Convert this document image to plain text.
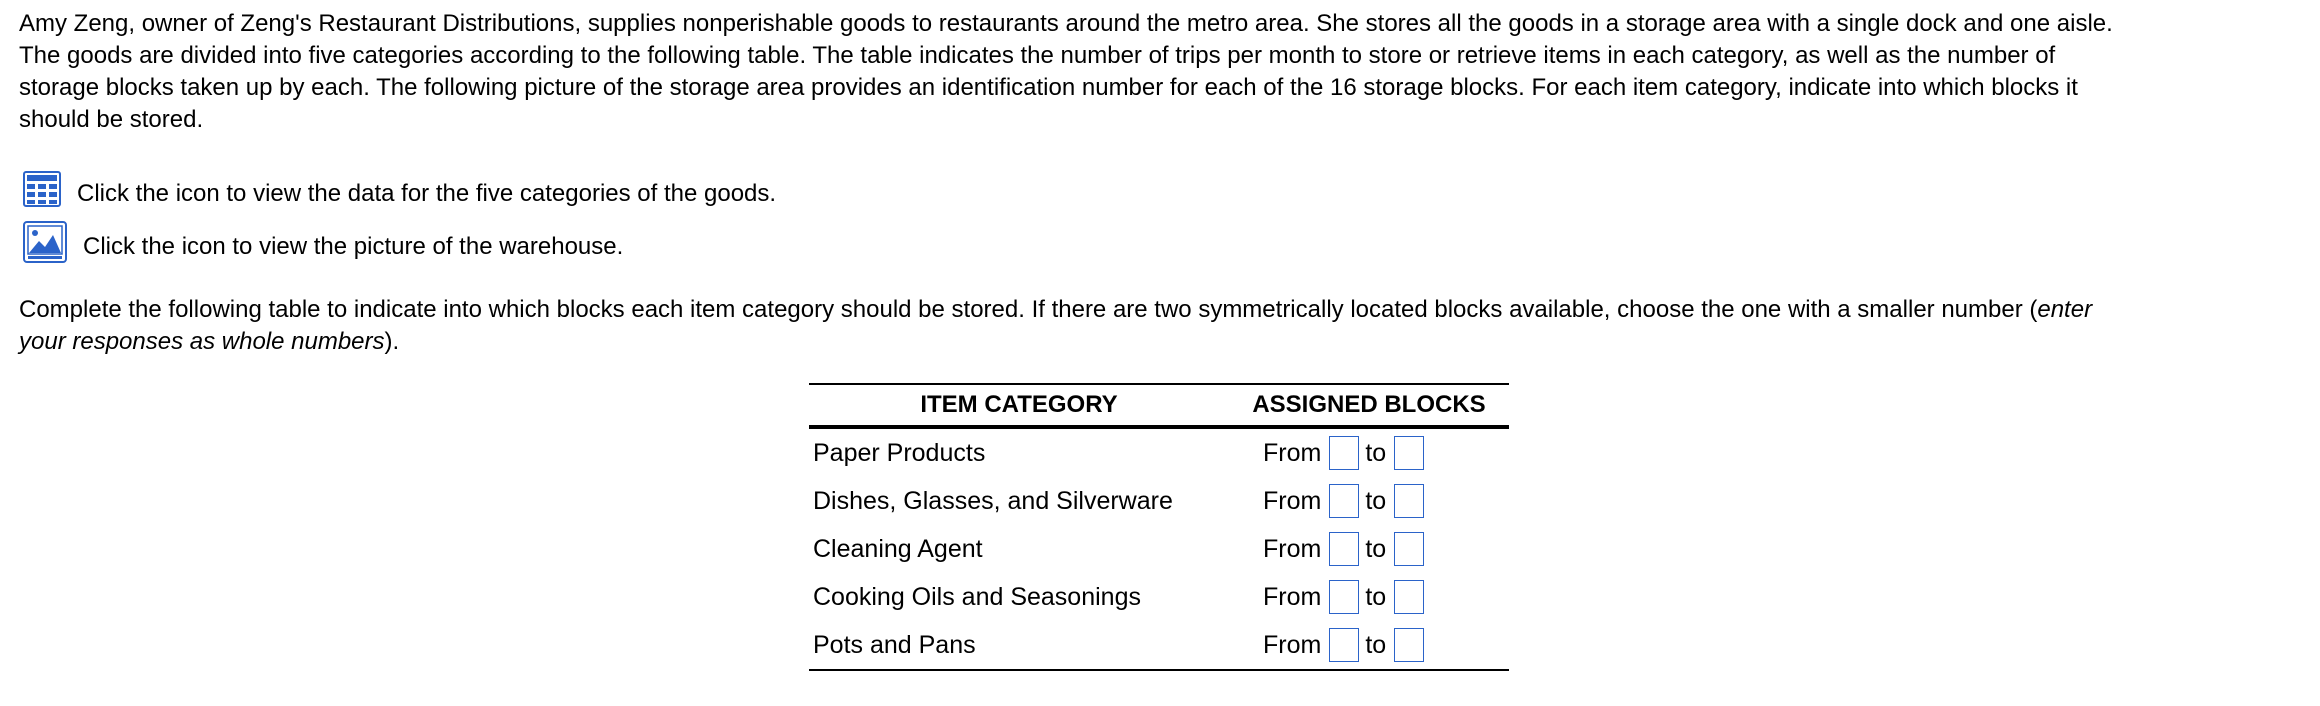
Amy Zeng, owner of Zeng's Restaurant Distributions, supplies nonperishable goods to restaurants around the metro area. She stores all the goods in a storage area with a single dock and one aisle.

The goods are divided into five categories according to the following table. The table indicates the number of trips per month to store or retrieve items in each category, as well as the number of

storage blocks taken up by each. The following picture of the storage area provides an identification number for each of the 16 storage blocks. For each item category, indicate into which blocks it

should be stored.

Click the icon to view the data for the five categories of the goods.
Click the icon to view the picture of the warehouse.

Complete the following table to indicate into which blocks each item category should be stored. If there are two symmetrically located blocks available, choose the one with a smaller number (enter

your responses as whole numbers).

ITEM CATEGORY	ASSIGNED BLOCKS
Paper Products	From to

Dishes, Glasses, and Silverware	From to

Cleaning Agent	From to

Cooking Oils and Seasonings	From to

Pots and Pans	From to
